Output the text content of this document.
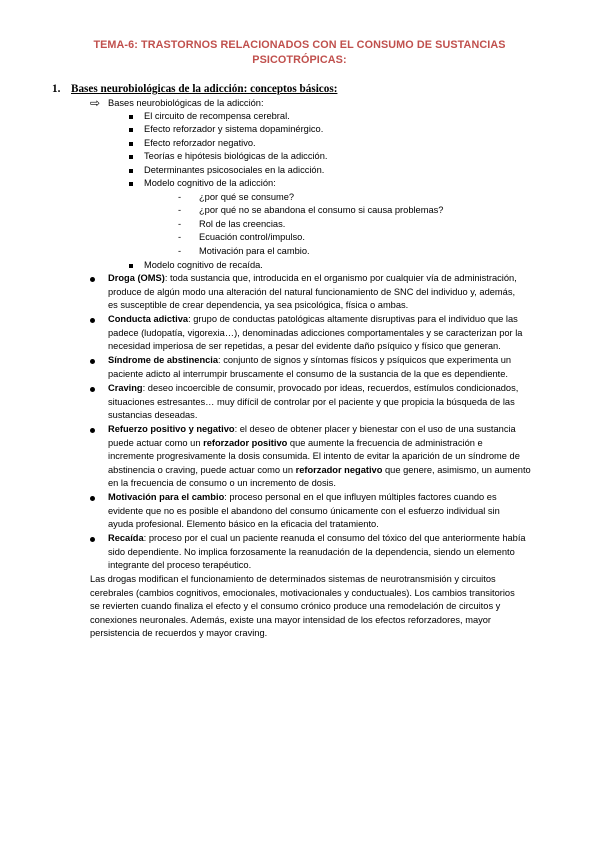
TEMA-6: TRASTORNOS RELACIONADOS CON EL CONSUMO DE SUSTANCIAS
PSICOTRÓPICAS:
1. Bases neurobiológicas de la adicción: conceptos básicos:
⇨ Bases neurobiológicas de la adicción:
El circuito de recompensa cerebral.
Efecto reforzador y sistema dopaminérgico.
Efecto reforzador negativo.
Teorías e hipótesis biológicas de la adicción.
Determinantes psicosociales en la adicción.
Modelo cognitivo de la adicción:
- ¿por qué se consume?
- ¿por qué no se abandona el consumo si causa problemas?
- Rol de las creencias.
- Ecuación control/impulso.
- Motivación para el cambio.
Modelo cognitivo de recaída.
Droga (OMS): toda sustancia que, introducida en el organismo por cualquier vía de administración,
produce de algún modo una alteración del natural funcionamiento de SNC del individuo y, además,
es susceptible de crear dependencia, ya sea psicológica, física o ambas.
Conducta adictiva: grupo de conductas patológicas altamente disruptivas para el individuo que las
padece (ludopatía, vigorexia…), denominadas adicciones comportamentales y se caracterizan por la
necesidad imperiosa de ser repetidas, a pesar del evidente daño psíquico y físico que generan.
Síndrome de abstinencia: conjunto de signos y síntomas físicos y psíquicos que experimenta un
paciente adicto al interrumpir bruscamente el consumo de la sustancia de la que es dependiente.
Craving: deseo incoercible de consumir, provocado por ideas, recuerdos, estímulos condicionados,
situaciones estresantes… muy difícil de controlar por el paciente y que propicia la búsqueda de las
sustancias deseadas.
Refuerzo positivo y negativo: el deseo de obtener placer y bienestar con el uso de una sustancia
puede actuar como un reforzador positivo que aumente la frecuencia de administración e
incremente progresivamente la dosis consumida. El intento de evitar la aparición de un síndrome de
abstinencia o craving, puede actuar como un reforzador negativo que genere, asimismo, un aumento
en la frecuencia de consumo o un incremento de dosis.
Motivación para el cambio: proceso personal en el que influyen múltiples factores cuando es
evidente que no es posible el abandono del consumo únicamente con el esfuerzo individual sin
ayuda profesional. Elemento básico en la eficacia del tratamiento.
Recaída: proceso por el cual un paciente reanuda el consumo del tóxico del que anteriormente había
sido dependiente. No implica forzosamente la reanudación de la dependencia, siendo un elemento
integrante del proceso terapéutico.
Las drogas modifican el funcionamiento de determinados sistemas de neurotransmisión y circuitos
cerebrales (cambios cognitivos, emocionales, motivacionales y conductuales). Los cambios transitorios
se revierten cuando finaliza el efecto y el consumo crónico produce una remodelación de circuitos y
conexiones neuronales. Además, existe una mayor intensidad de los efectos reforzadores, mayor
persistencia de recuerdos y mayor craving.
